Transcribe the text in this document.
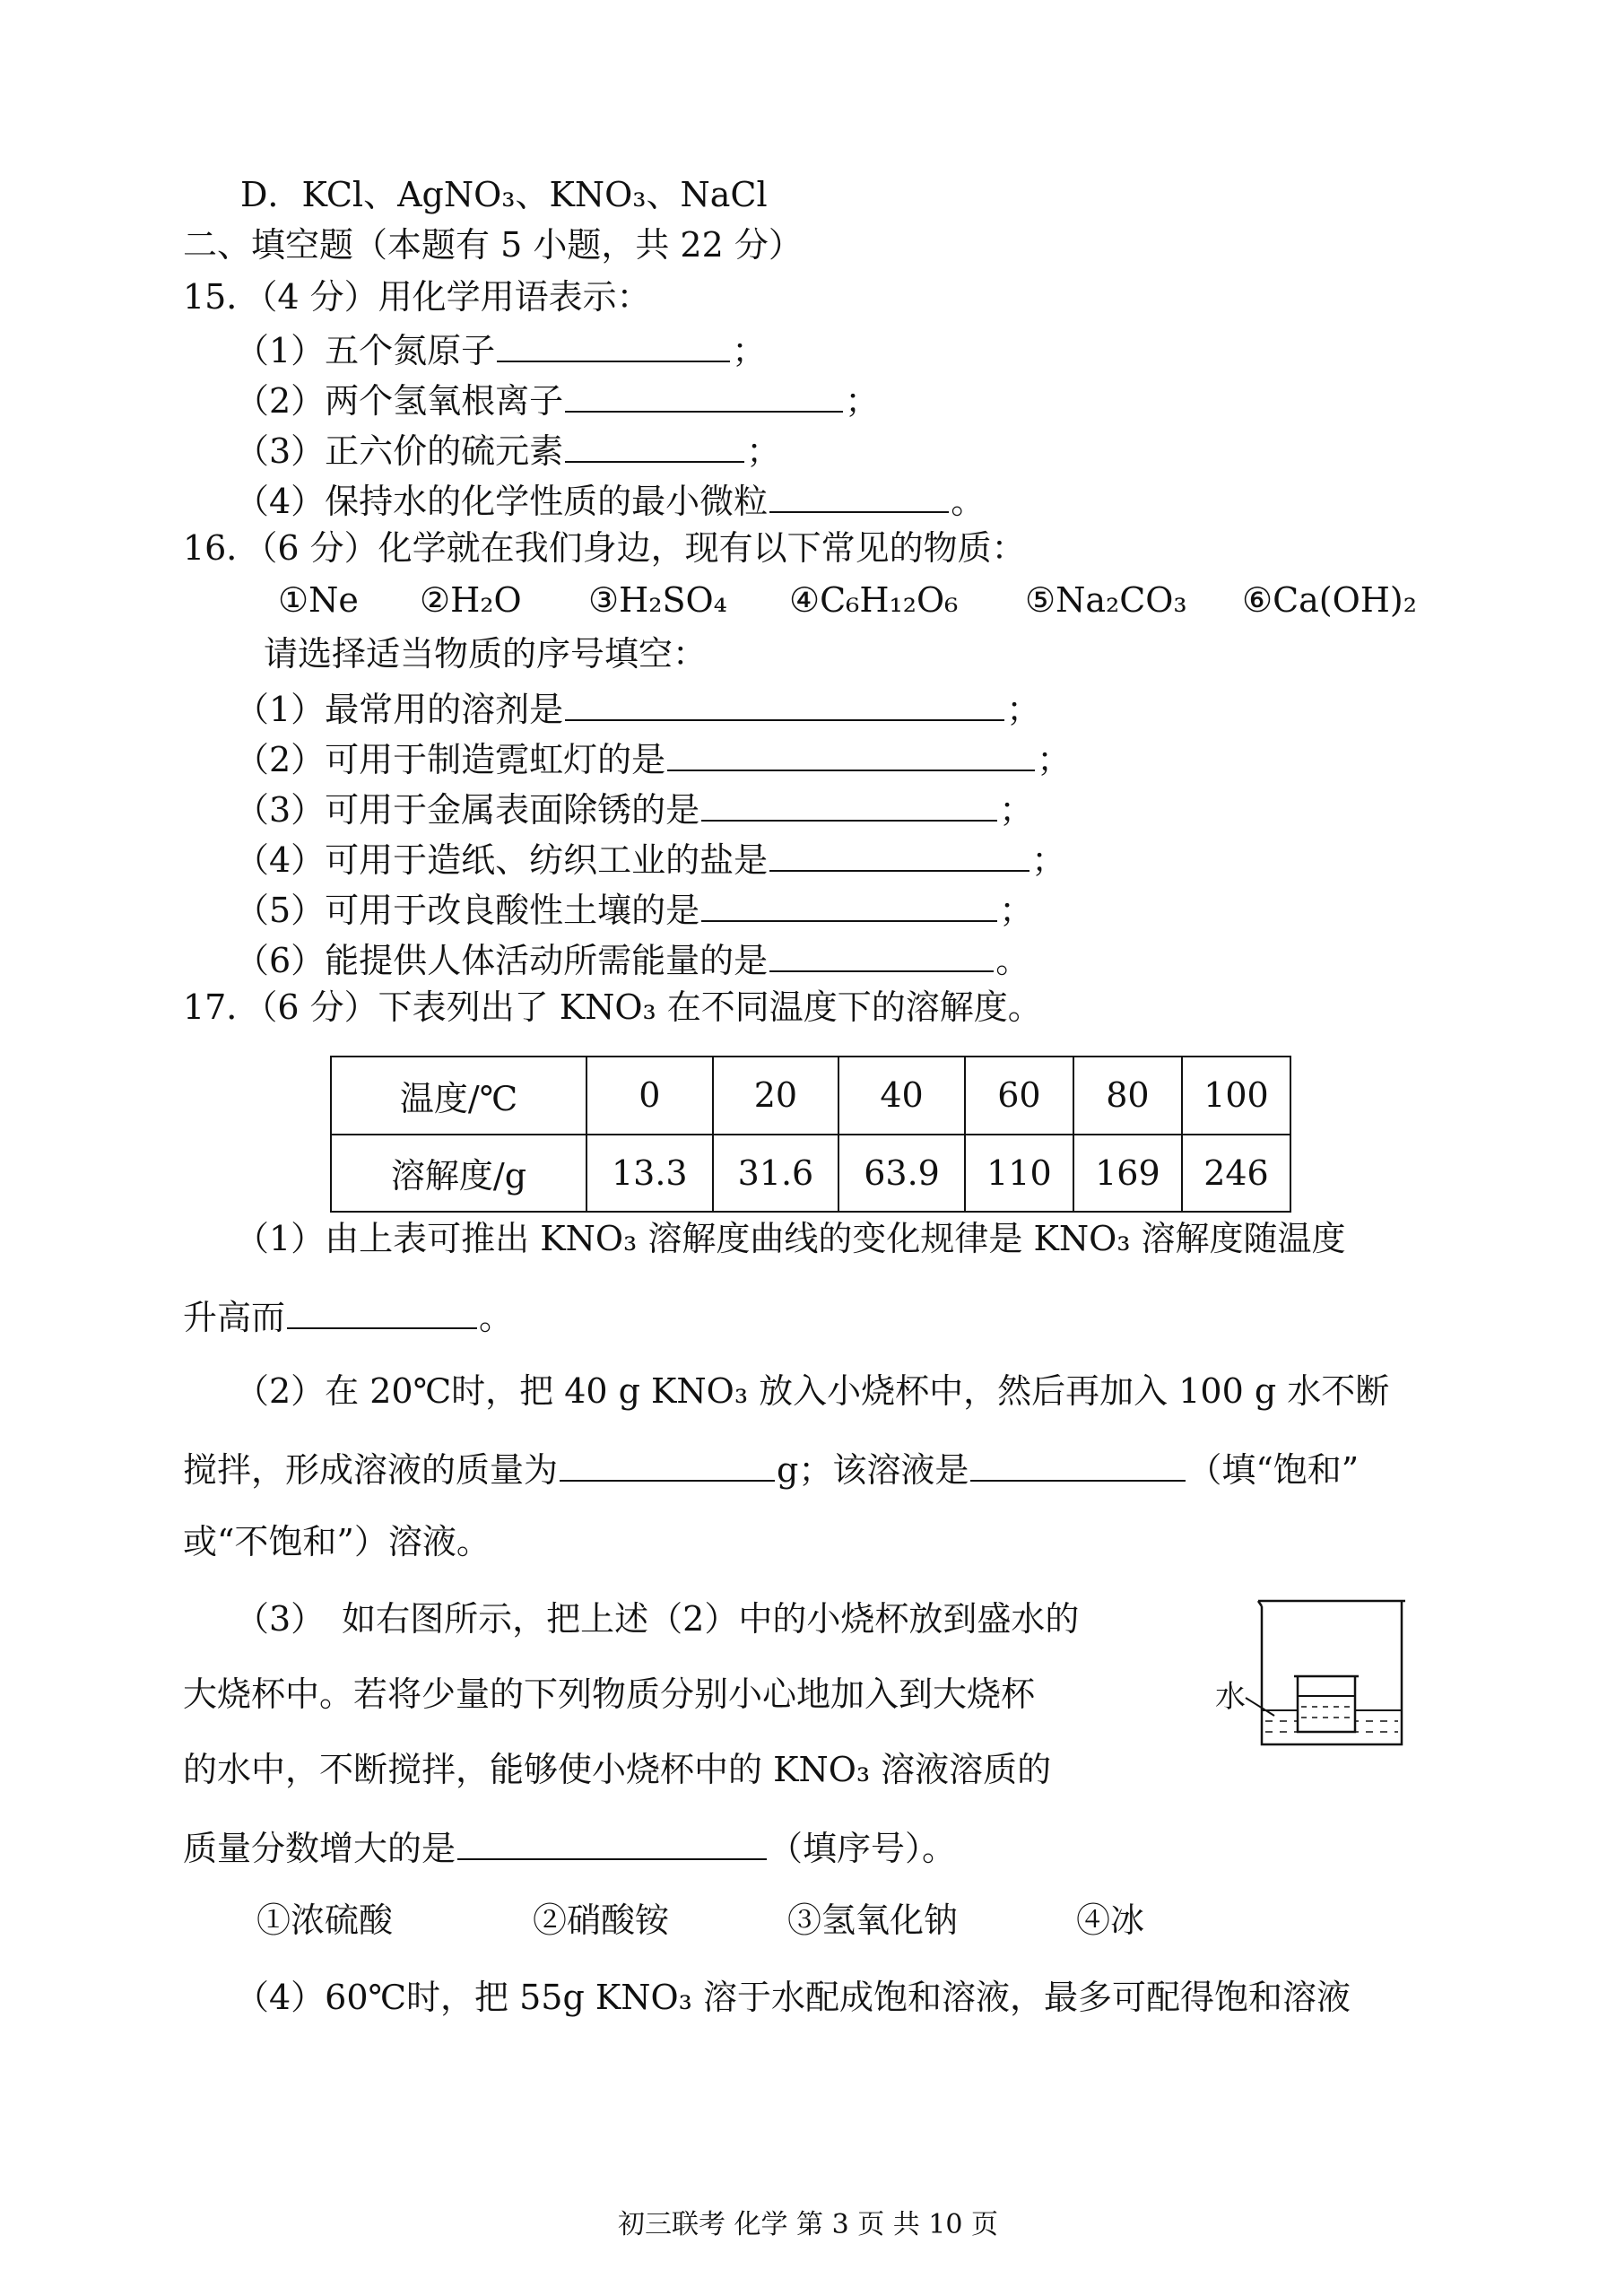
D．KCl、AgNO₃、KNO₃、NaCl
二、填空题（本题有 5 小题，共 22 分）
15．（4 分）用化学用语表示：
（1）五个氮原子	；
（2）两个氢氧根离子	；
（3）正六价的硫元素	；
（4）保持水的化学性质的最小微粒	。
16．（6 分）化学就在我们身边，现有以下常见的物质：
①Ne ②H₂O ③H₂SO₄ ④C₆H₁₂O₆ ⑤Na₂CO₃ ⑥Ca(OH)₂
请选择适当物质的序号填空：
（1）最常用的溶剂是	；
（2）可用于制造霓虹灯的是	；
（3）可用于金属表面除锈的是	；
（4）可用于造纸、纺织工业的盐是	；
（5）可用于改良酸性土壤的是	；
（6）能提供人体活动所需能量的是	。
17．（6 分）下表列出了 KNO₃ 在不同温度下的溶解度。
温度/℃	0	20	40	60	80	100
溶解度/g	13.3	31.6	63.9	110	169	246
（1）由上表可推出 KNO₃ 溶解度曲线的变化规律是 KNO₃ 溶解度随温度
升高而	。
（2）在 20℃时，把 40 g KNO₃ 放入小烧杯中，然后再加入 100 g 水不断
搅拌，形成溶液的质量为	g；该溶液是	（填“饱和”
或“不饱和”）溶液。
（3）　如右图所示，把上述（2）中的小烧杯放到盛水的
大烧杯中。若将少量的下列物质分别小心地加入到大烧杯
的水中，不断搅拌，能够使小烧杯中的 KNO₃ 溶液溶质的
质量分数增大的是	（填序号）。
水
①浓硫酸	②硝酸铵	③氢氧化钠	④冰
（4）60℃时，把 55g KNO₃ 溶于水配成饱和溶液，最多可配得饱和溶液
初三联考 化学 第 3 页 共 10 页
